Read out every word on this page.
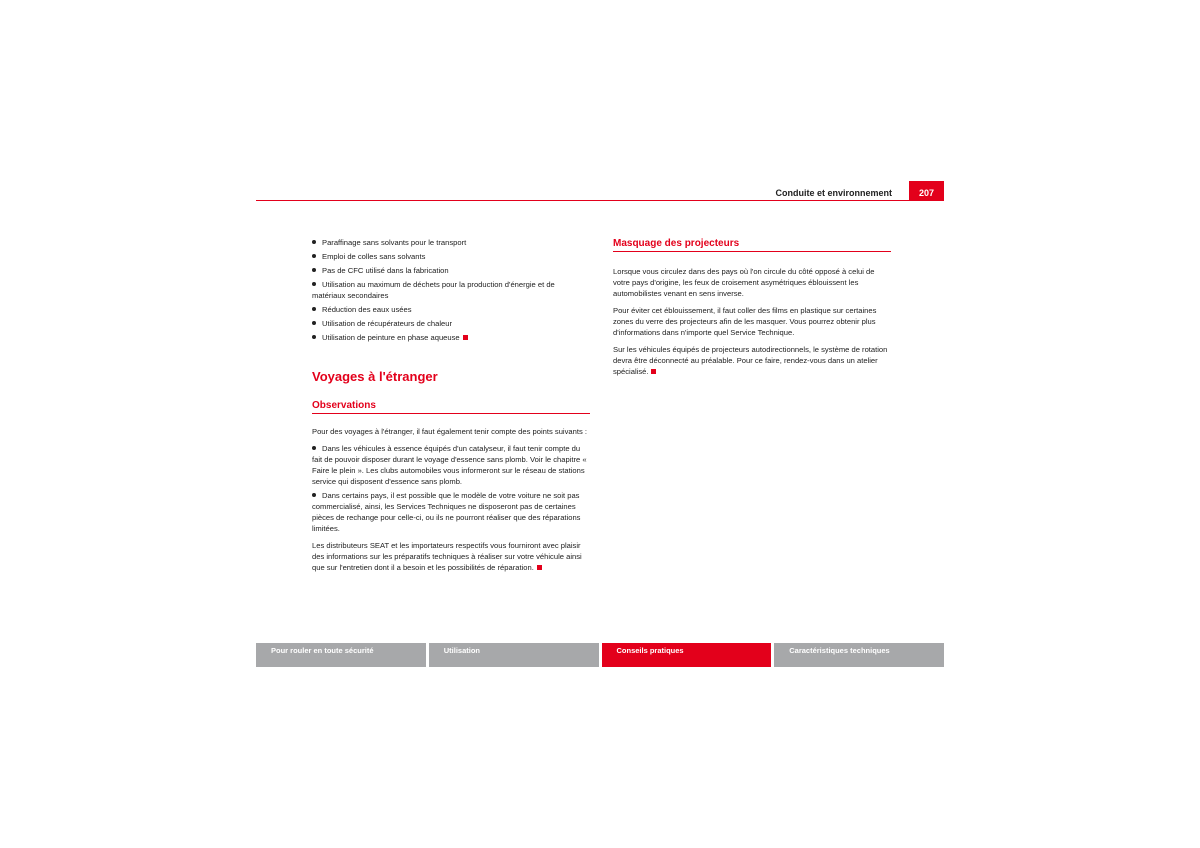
Conduite et environnement	207
Paraffinage sans solvants pour le transport
Emploi de colles sans solvants
Pas de CFC utilisé dans la fabrication
Utilisation au maximum de déchets pour la production d'énergie et de matériaux secondaires
Réduction des eaux usées
Utilisation de récupérateurs de chaleur
Utilisation de peinture en phase aqueuse
Voyages à l'étranger
Observations
Pour des voyages à l'étranger, il faut également tenir compte des points suivants :
Dans les véhicules à essence équipés d'un catalyseur, il faut tenir compte du fait de pouvoir disposer durant le voyage d'essence sans plomb. Voir le chapitre « Faire le plein ». Les clubs automobiles vous informeront sur le réseau de stations service qui disposent d'essence sans plomb.
Dans certains pays, il est possible que le modèle de votre voiture ne soit pas commercialisé, ainsi, les Services Techniques ne disposeront pas de certaines pièces de rechange pour celle-ci, ou ils ne pourront réaliser que des réparations limitées.
Les distributeurs SEAT et les importateurs respectifs vous fourniront avec plaisir des informations sur les préparatifs techniques à réaliser sur votre véhicule ainsi que sur l'entretien dont il a besoin et les possibilités de réparation.
Masquage des projecteurs
Lorsque vous circulez dans des pays où l'on circule du côté opposé à celui de votre pays d'origine, les feux de croisement asymétriques éblouissent les automobilistes venant en sens inverse.
Pour éviter cet éblouissement, il faut coller des films en plastique sur certaines zones du verre des projecteurs afin de les masquer. Vous pourrez obtenir plus d'informations dans n'importe quel Service Technique.
Sur les véhicules équipés de projecteurs autodirectionnels, le système de rotation devra être déconnecté au préalable. Pour ce faire, rendez-vous dans un atelier spécialisé.
Pour rouler en toute sécurité	Utilisation	Conseils pratiques	Caractéristiques techniques
